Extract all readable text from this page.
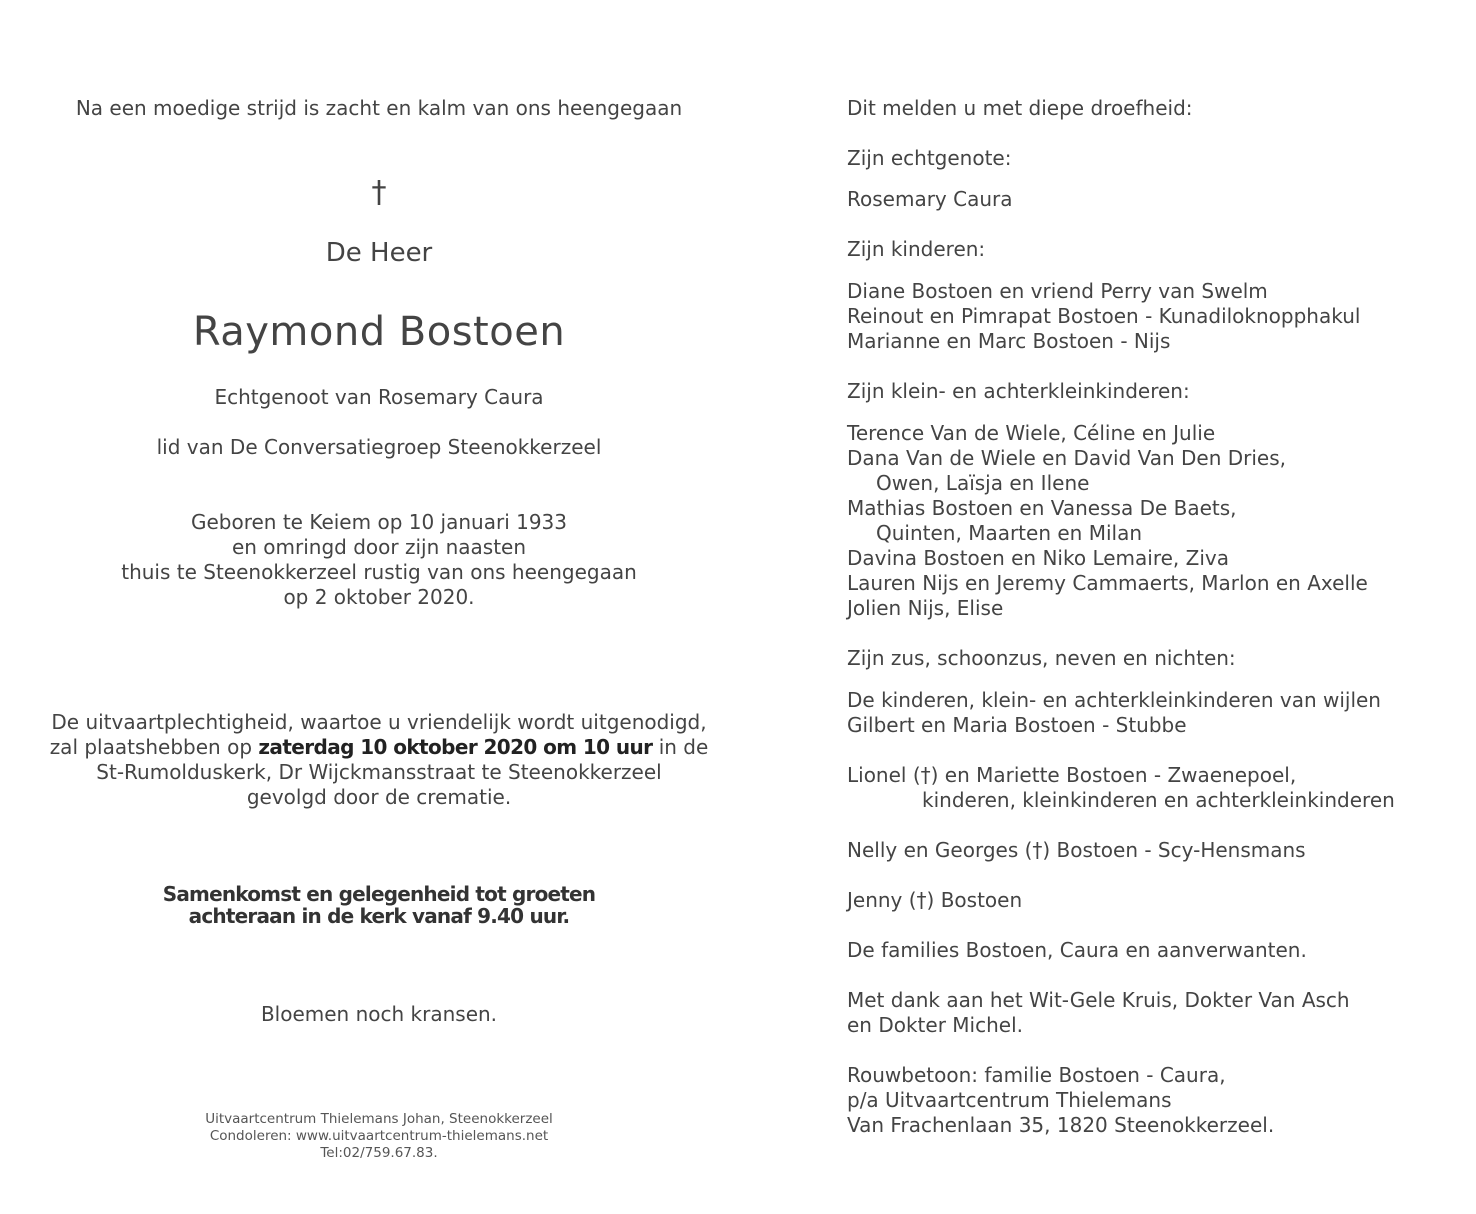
Na een moedige strijd is zacht en kalm van ons heengegaan
†
De Heer
Raymond Bostoen
Echtgenoot van Rosemary Caura
lid van De Conversatiegroep Steenokkerzeel
Geboren te Keiem op 10 januari 1933
en omringd door zijn naasten
thuis te Steenokkerzeel rustig van ons heengegaan
op 2 oktober 2020.
De uitvaartplechtigheid, waartoe u vriendelijk wordt uitgenodigd,
zal plaatshebben op zaterdag 10 oktober 2020 om 10 uur in de
St-Rumolduskerk, Dr Wijckmansstraat te Steenokkerzeel
gevolgd door de crematie.
Samenkomst en gelegenheid tot groeten
achteraan in de kerk vanaf 9.40 uur.
Bloemen noch kransen.
Uitvaartcentrum Thielemans Johan, Steenokkerzeel
Condoleren: www.uitvaartcentrum-thielemans.net
Tel:02/759.67.83.
Dit melden u met diepe droefheid:
Zijn echtgenote:
Rosemary Caura
Zijn kinderen:
Diane Bostoen en vriend Perry van Swelm
Reinout en Pimrapat Bostoen - Kunadiloknopphakul
Marianne en Marc Bostoen - Nijs
Zijn klein- en achterkleinkinderen:
Terence Van de Wiele, Céline en Julie
Dana Van de Wiele en David Van Den Dries,
Owen, Laïsja en Ilene
Mathias Bostoen en Vanessa De Baets,
Quinten, Maarten en Milan
Davina Bostoen en Niko Lemaire, Ziva
Lauren Nijs en Jeremy Cammaerts, Marlon en Axelle
Jolien Nijs, Elise
Zijn zus, schoonzus, neven en nichten:
De kinderen, klein- en achterkleinkinderen van wijlen
Gilbert en Maria Bostoen - Stubbe
Lionel (†) en Mariette Bostoen - Zwaenepoel,
kinderen, kleinkinderen en achterkleinkinderen
Nelly en Georges (†) Bostoen - Scy-Hensmans
Jenny (†) Bostoen
De families Bostoen, Caura en aanverwanten.
Met dank aan het Wit-Gele Kruis, Dokter Van Asch
en Dokter Michel.
Rouwbetoon: familie Bostoen - Caura,
p/a Uitvaartcentrum Thielemans
Van Frachenlaan 35, 1820 Steenokkerzeel.
